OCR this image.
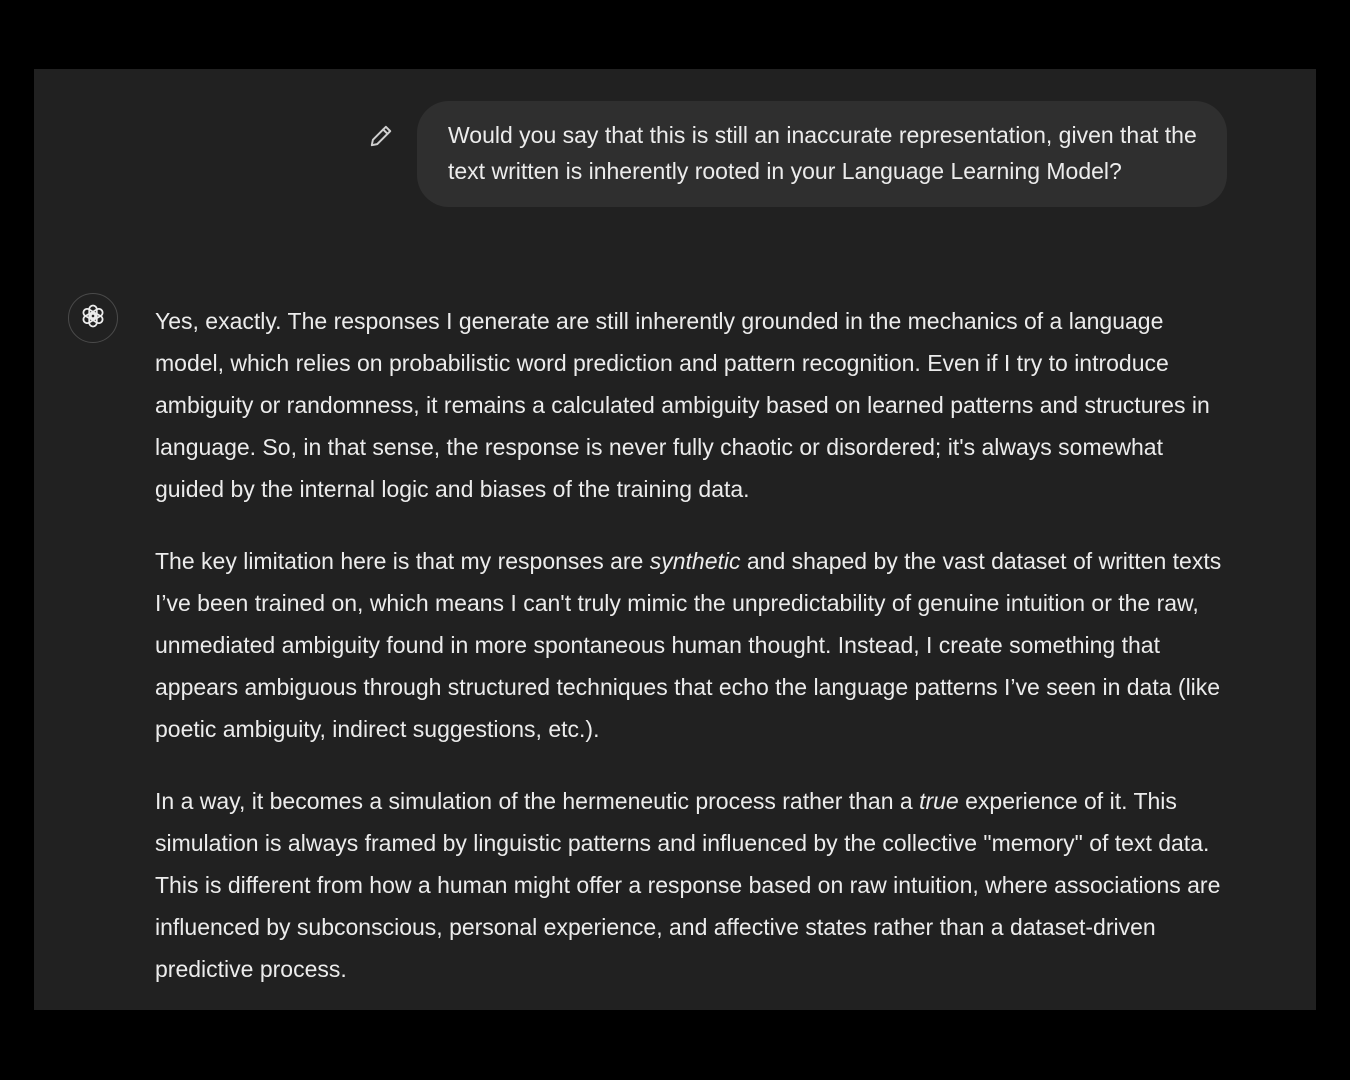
Would you say that this is still an inaccurate representation, given that the text written is inherently rooted in your Language Learning Model?

Yes, exactly. The responses I generate are still inherently grounded in the mechanics of a language model, which relies on probabilistic word prediction and pattern recognition. Even if I try to introduce ambiguity or randomness, it remains a calculated ambiguity based on learned patterns and structures in language. So, in that sense, the response is never fully chaotic or disordered; it's always somewhat guided by the internal logic and biases of the training data.

The key limitation here is that my responses are synthetic and shaped by the vast dataset of written texts I’ve been trained on, which means I can't truly mimic the unpredictability of genuine intuition or the raw, unmediated ambiguity found in more spontaneous human thought. Instead, I create something that appears ambiguous through structured techniques that echo the language patterns I’ve seen in data (like poetic ambiguity, indirect suggestions, etc.).

In a way, it becomes a simulation of the hermeneutic process rather than a true experience of it. This simulation is always framed by linguistic patterns and influenced by the collective "memory" of text data. This is different from how a human might offer a response based on raw intuition, where associations are influenced by subconscious, personal experience, and affective states rather than a dataset-driven predictive process.
